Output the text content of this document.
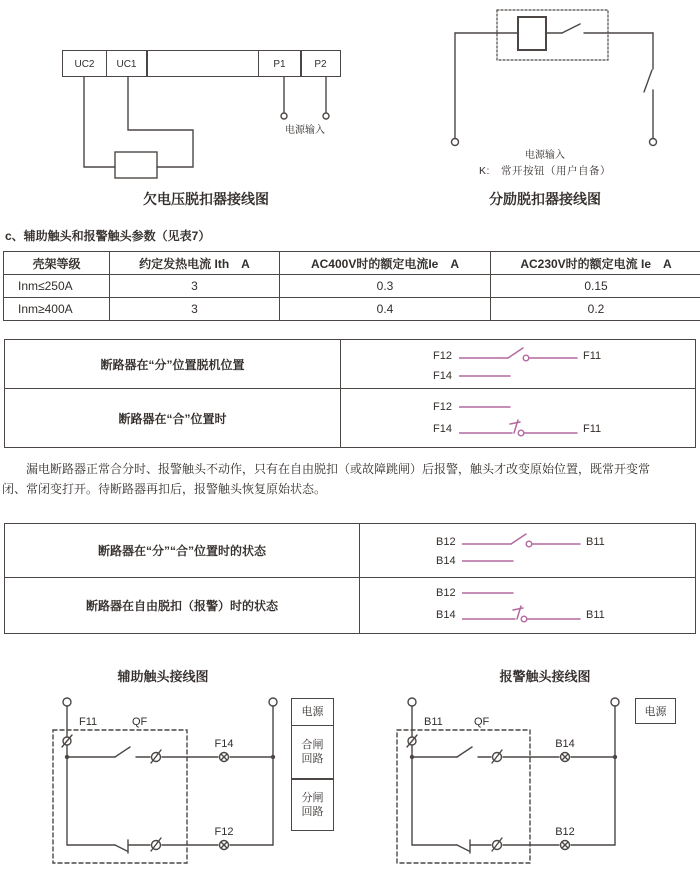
UC2	UC1	P1	P2
电源输入
欠电压脱扣器接线图
电源输入
K:　常开按钮（用户自备）
分励脱扣器接线图
c、辅助触头和报警触头参数（见表7）
壳架等级	约定发热电流 Ith　A	AC400V时的额定电流Ie　A	AC230V时的额定电流 Ie　A
Inm≤250A	3	0.3	0.15
Inm≥400A	3	0.4	0.2
断路器在“分”位置脱机位置	F12 F11
F14

断路器在“合”位置时	F12
F14 F11

漏电断路器正常合分时、报警触头不动作，只有在自由脱扣（或故障跳闸）后报警，触头才改变原始位置，既常开变常闭、常闭变打开。待断路器再扣后，报警触头恢复原始状态。

断路器在“分”“合”位置时的状态	B12 B11
B14

断路器在自由脱扣（报警）时的状态	B12
B14 B11
辅助触头接线图
F11	QF
F14
F12
电源
合闸回路
分闸回路
报警触头接线图
B11	QF
B14
B12
电源
